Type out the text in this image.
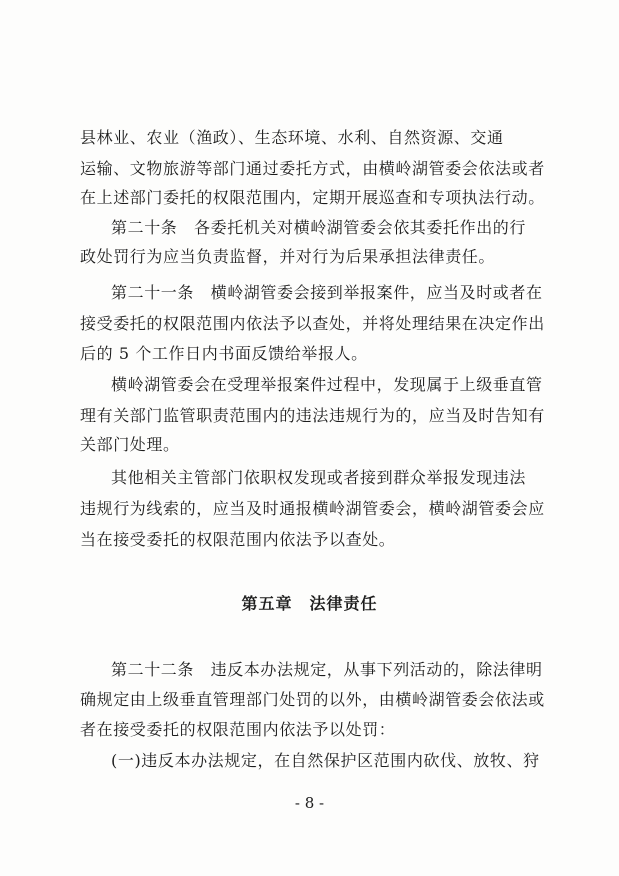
县林业、农业（渔政）、生态环境、水利、自然资源、交通
运输、文物旅游等部门通过委托方式，由横岭湖管委会依法或者
在上述部门委托的权限范围内，定期开展巡查和专项执法行动。
第二十条　各委托机关对横岭湖管委会依其委托作出的行
政处罚行为应当负责监督，并对行为后果承担法律责任。
第二十一条　横岭湖管委会接到举报案件，应当及时或者在
接受委托的权限范围内依法予以查处，并将处理结果在决定作出
后的 5 个工作日内书面反馈给举报人。
横岭湖管委会在受理举报案件过程中，发现属于上级垂直管
理有关部门监管职责范围内的违法违规行为的，应当及时告知有
关部门处理。
其他相关主管部门依职权发现或者接到群众举报发现违法
违规行为线索的，应当及时通报横岭湖管委会，横岭湖管委会应
当在接受委托的权限范围内依法予以查处。
第五章　法律责任
第二十二条　违反本办法规定，从事下列活动的，除法律明
确规定由上级垂直管理部门处罚的以外，由横岭湖管委会依法或
者在接受委托的权限范围内依法予以处罚：
(一)违反本办法规定，在自然保护区范围内砍伐、放牧、狩
- 8 -
